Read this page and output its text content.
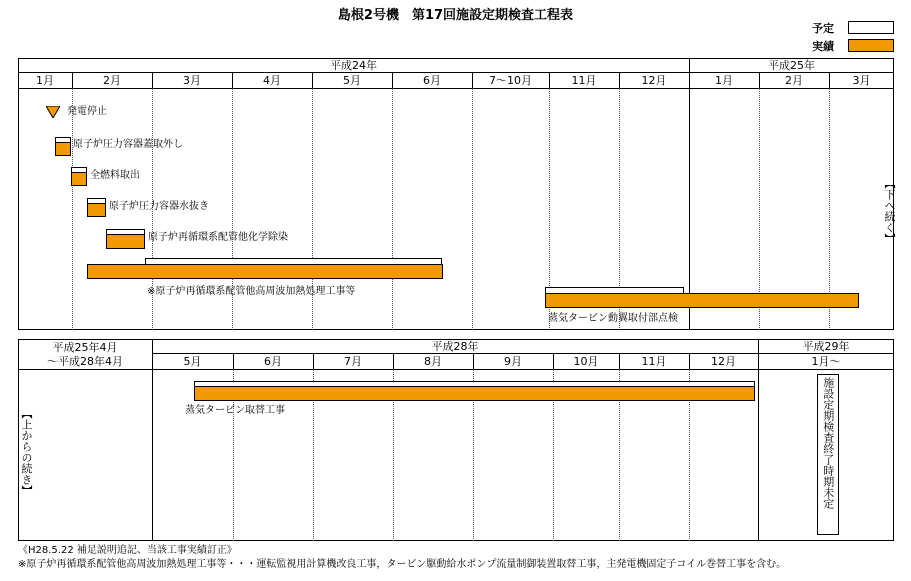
島根2号機　第17回施設定期検査工程表
予定
実績
平成24年	平成25年
1月	2月	3月	4月	5月	6月	7～10月	11月	12月	1月	2月	3月
発電停止
原子炉圧力容器蓋取外し
全燃料取出
原子炉圧力容器水抜き
原子炉再循環系配管他化学除染
※原子炉再循環系配管他高周波加熱処理工事等
蒸気タービン動翼取付部点検
【下へ続く】
平成25年4月
～平成28年4月
平成28年	平成29年
5月	6月	7月	8月	9月	10月	11月	12月	1月～
【上からの続き】	蒸気タービン取替工事	施設定期検査終了時期未定
《H28.5.22 補足説明追記、当該工事実績訂正》
※原子炉再循環系配管他高周波加熱処理工事等・・・運転監視用計算機改良工事，タービン駆動給水ポンプ流量制御装置取替工事，主発電機固定子コイル巻替工事を含む。
